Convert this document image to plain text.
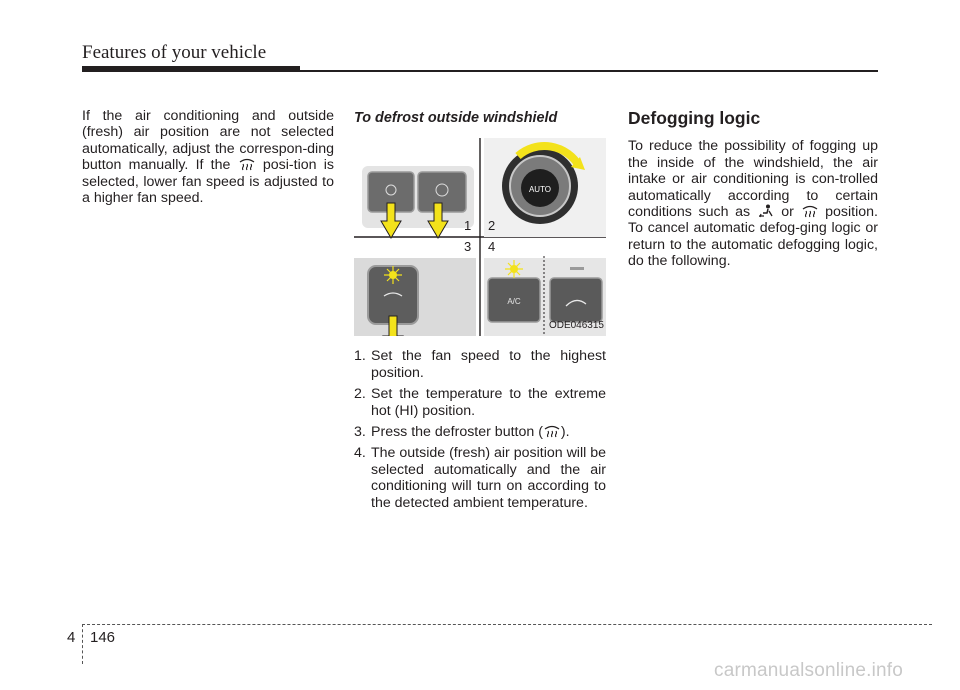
Features of your vehicle
If the air conditioning and outside (fresh) air position are not selected automatically, adjust the correspon-ding button manually. If the posi-tion is selected, lower fan speed is adjusted to a higher fan speed.
To defrost outside windshield
AUTO
1 2
3 4
A/C
ODE046315
1. Set the fan speed to the highest position.
2. Set the temperature to the extreme hot (HI) position.
3. Press the defroster button ( ).
4. The outside (fresh) air position will be selected automatically and the air conditioning will turn on according to the detected ambient temperature.
Defogging logic
To reduce the possibility of fogging up the inside of the windshield, the air intake or air conditioning is con-trolled automatically according to certain conditions such as or position. To cancel automatic defog-ging logic or return to the automatic defogging logic, do the following.
4 146
carmanualsonline.info
